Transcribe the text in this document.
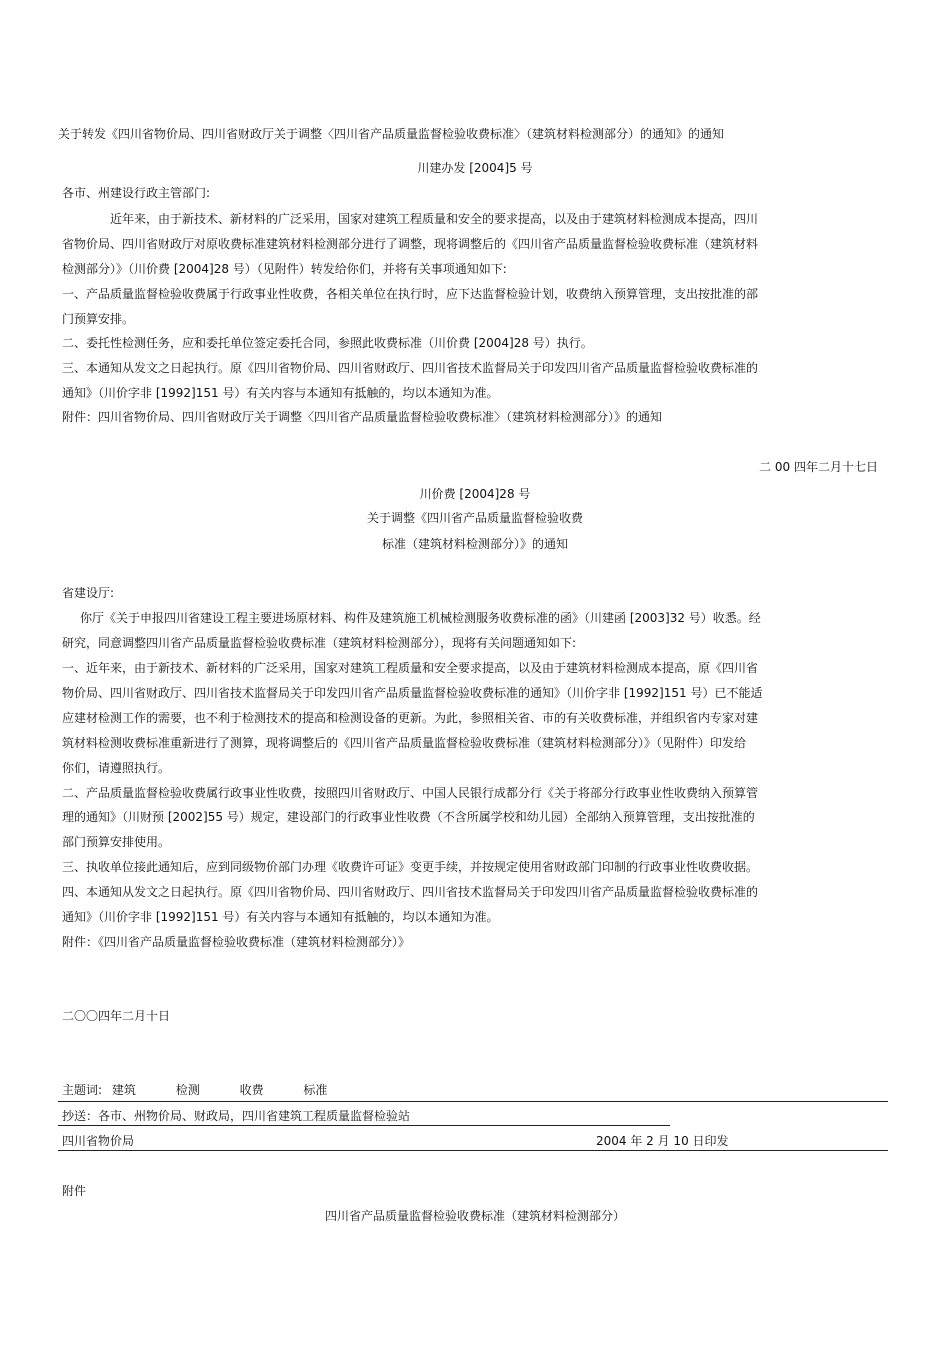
关于转发《四川省物价局、四川省财政厅关于调整〈四川省产品质量监督检验收费标准〉（建筑材料检测部分）的通知》的通知
川建办发 [2004]5 号
各市、州建设行政主管部门:
近年来，由于新技术、新材料的广泛采用，国家对建筑工程质量和安全的要求提高，以及由于建筑材料检测成本提高，四川
省物价局、四川省财政厅对原收费标准建筑材料检测部分进行了调整，现将调整后的《四川省产品质量监督检验收费标准（建筑材料
检测部分）》（川价费 [2004]28 号）（见附件）转发给你们，并将有关事项通知如下:
一、产品质量监督检验收费属于行政事业性收费，各相关单位在执行时，应下达监督检验计划，收费纳入预算管理，支出按批准的部
门预算安排。
二、委托性检测任务，应和委托单位签定委托合同，参照此收费标准（川价费 [2004]28 号）执行。
三、本通知从发文之日起执行。原《四川省物价局、四川省财政厅、四川省技术监督局关于印发四川省产品质量监督检验收费标准的
通知》（川价字非 [1992]151 号）有关内容与本通知有抵触的，均以本通知为准。
附件：四川省物价局、四川省财政厅关于调整〈四川省产品质量监督检验收费标准〉（建筑材料检测部分）》的通知
二 00 四年二月十七日
川价费 [2004]28 号
关于调整《四川省产品质量监督检验收费
标准（建筑材料检测部分）》的通知
省建设厅:
你厅《关于申报四川省建设工程主要进场原材料、构件及建筑施工机械检测服务收费标准的函》（川建函 [2003]32 号）收悉。经
研究，同意调整四川省产品质量监督检验收费标准（建筑材料检测部分），现将有关问题通知如下:
一、近年来，由于新技术、新材料的广泛采用，国家对建筑工程质量和安全要求提高，以及由于建筑材料检测成本提高，原《四川省
物价局、四川省财政厅、四川省技术监督局关于印发四川省产品质量监督检验收费标准的通知》（川价字非 [1992]151 号）已不能适
应建材检测工作的需要，也不利于检测技术的提高和检测设备的更新。为此，参照相关省、市的有关收费标准，并组织省内专家对建
筑材料检测收费标准重新进行了测算，现将调整后的《四川省产品质量监督检验收费标准（建筑材料检测部分）》（见附件）印发给
你们，请遵照执行。
二、产品质量监督检验收费属行政事业性收费，按照四川省财政厅、中国人民银行成都分行《关于将部分行政事业性收费纳入预算管
理的通知》（川财预 [2002]55 号）规定，建设部门的行政事业性收费（不含所属学校和幼儿园）全部纳入预算管理，支出按批准的
部门预算安排使用。
三、执收单位接此通知后，应到同级物价部门办理《收费许可证》变更手续，并按规定使用省财政部门印制的行政事业性收费收据。
四、本通知从发文之日起执行。原《四川省物价局、四川省财政厅、四川省技术监督局关于印发四川省产品质量监督检验收费标准的
通知》（川价字非 [1992]151 号）有关内容与本通知有抵触的，均以本通知为准。
附件：《四川省产品质量监督检验收费标准（建筑材料检测部分）》
二〇〇四年二月十日
主题词: 建筑	检测	收费	标准
抄送：各市、州物价局、财政局，四川省建筑工程质量监督检验站
四川省物价局	2004 年 2 月 10 日印发
附件
四川省产品质量监督检验收费标准（建筑材料检测部分）
